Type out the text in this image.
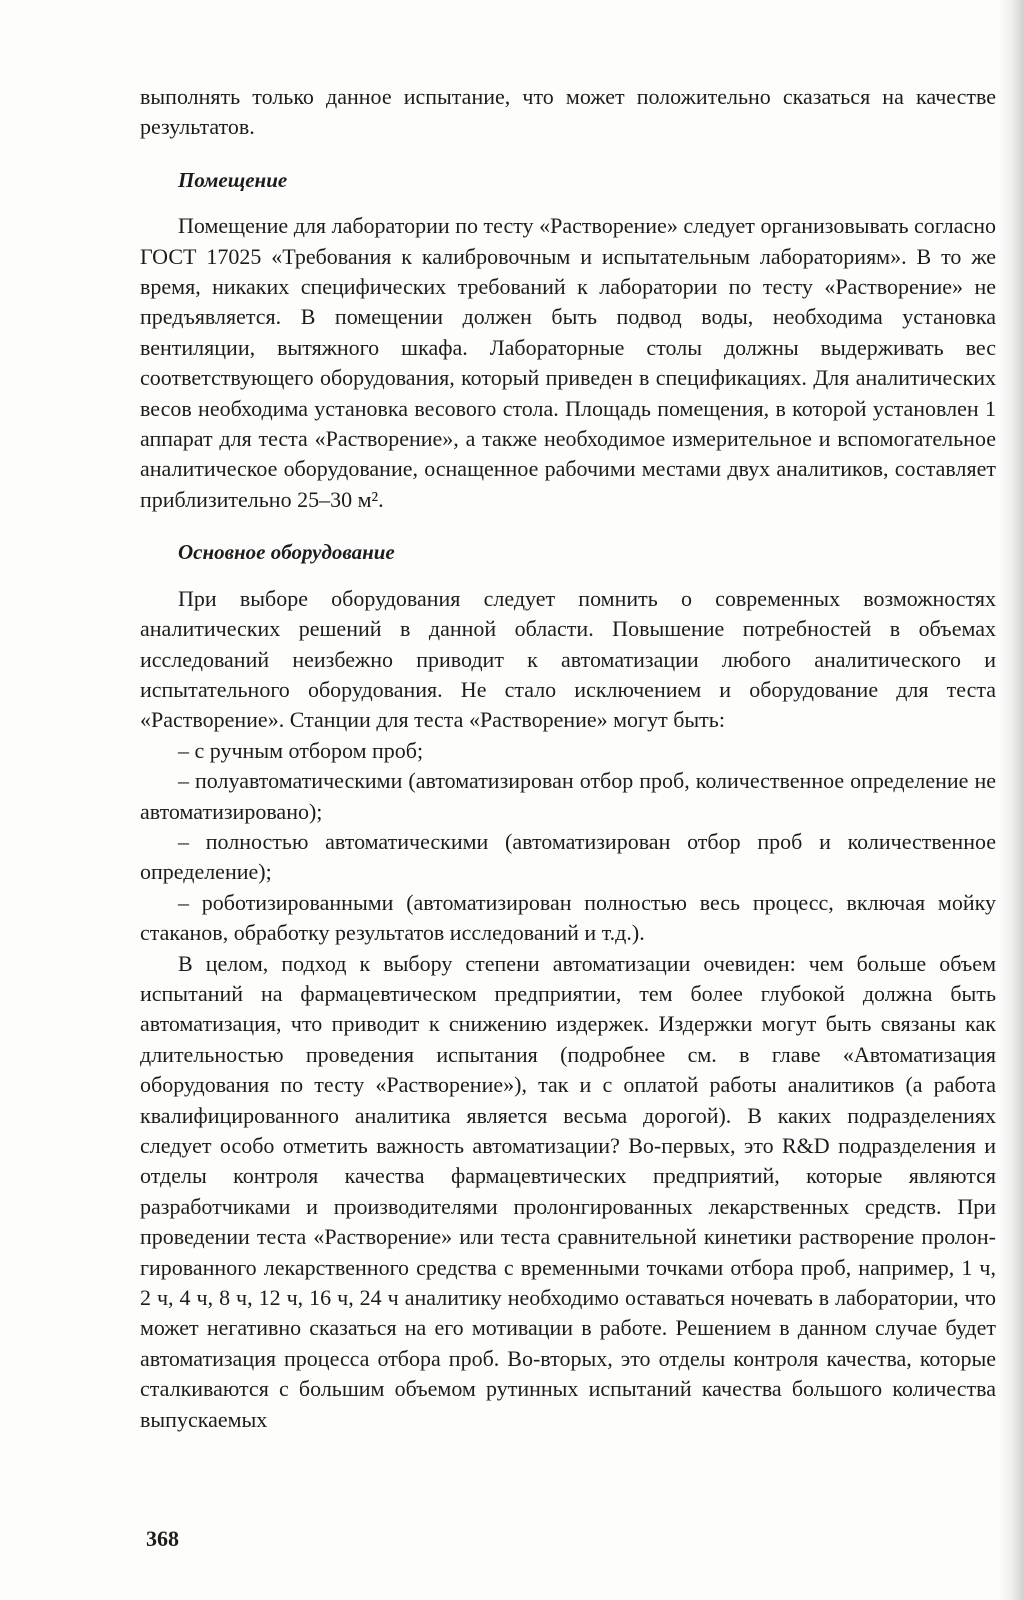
выполнять только данное испытание, что может положительно сказаться на качестве результатов.

Помещение

Помещение для лаборатории по тесту «Растворение» следует организовывать согласно ГОСТ 17025 «Требования к калибровочным и испытательным лабораториям». В то же время, никаких специфических требований к лаборатории по тесту «Растворение» не предъявляется. В помещении должен быть подвод воды, необходима установка вентиляции, вытяжного шкафа. Лабораторные столы должны выдерживать вес соответствующего оборудования, который приведен в спецификациях. Для аналитических весов необходима установка весового стола. Площадь помещения, в которой установлен 1 аппарат для теста «Растворение», а также необходимое измерительное и вспомогательное аналитическое оборудование, оснащенное рабочими местами двух аналитиков, составляет приблизительно 25–30 м².

Основное оборудование

При выборе оборудования следует помнить о современных возможностях аналитических решений в данной области. Повышение потребностей в объемах исследований неизбежно приводит к автоматизации любого аналитического и испытательного оборудования. Не стало исключением и оборудование для теста «Растворение». Станции для теста «Растворение» могут быть:

– с ручным отбором проб;

– полуавтоматическими (автоматизирован отбор проб, количественное определение не автоматизировано);

– полностью автоматическими (автоматизирован отбор проб и количественное определение);

– роботизированными (автоматизирован полностью весь процесс, включая мойку стаканов, обработку результатов исследований и т.д.).

В целом, подход к выбору степени автоматизации очевиден: чем больше объем испытаний на фармацевтическом предприятии, тем более глубокой должна быть автоматизация, что приводит к снижению издержек. Издержки могут быть связаны как длительностью проведения испытания (подробнее см. в главе «Автоматизация оборудования по тесту «Растворение»), так и с оплатой работы аналитиков (а работа квалифицированного аналитика является весьма дорогой). В каких подразделениях следует особо отметить важность автоматизации? Во-первых, это R&D подразделения и отделы контроля качества фармацевтических предприятий, которые являются разработчиками и производителями пролонгированных лекарственных средств. При проведении теста «Растворение» или теста сравнительной кинетики растворение пролонгированного лекарственного средства с временными точками отбора проб, например, 1 ч, 2 ч, 4 ч, 8 ч, 12 ч, 16 ч, 24 ч аналитику необходимо оставаться ночевать в лаборатории, что может негативно сказаться на его мотивации в работе. Решением в данном случае будет автоматизация процесса отбора проб. Во-вторых, это отделы контроля качества, которые сталкиваются с большим объемом рутинных испытаний качества большого количества выпускаемых

368
